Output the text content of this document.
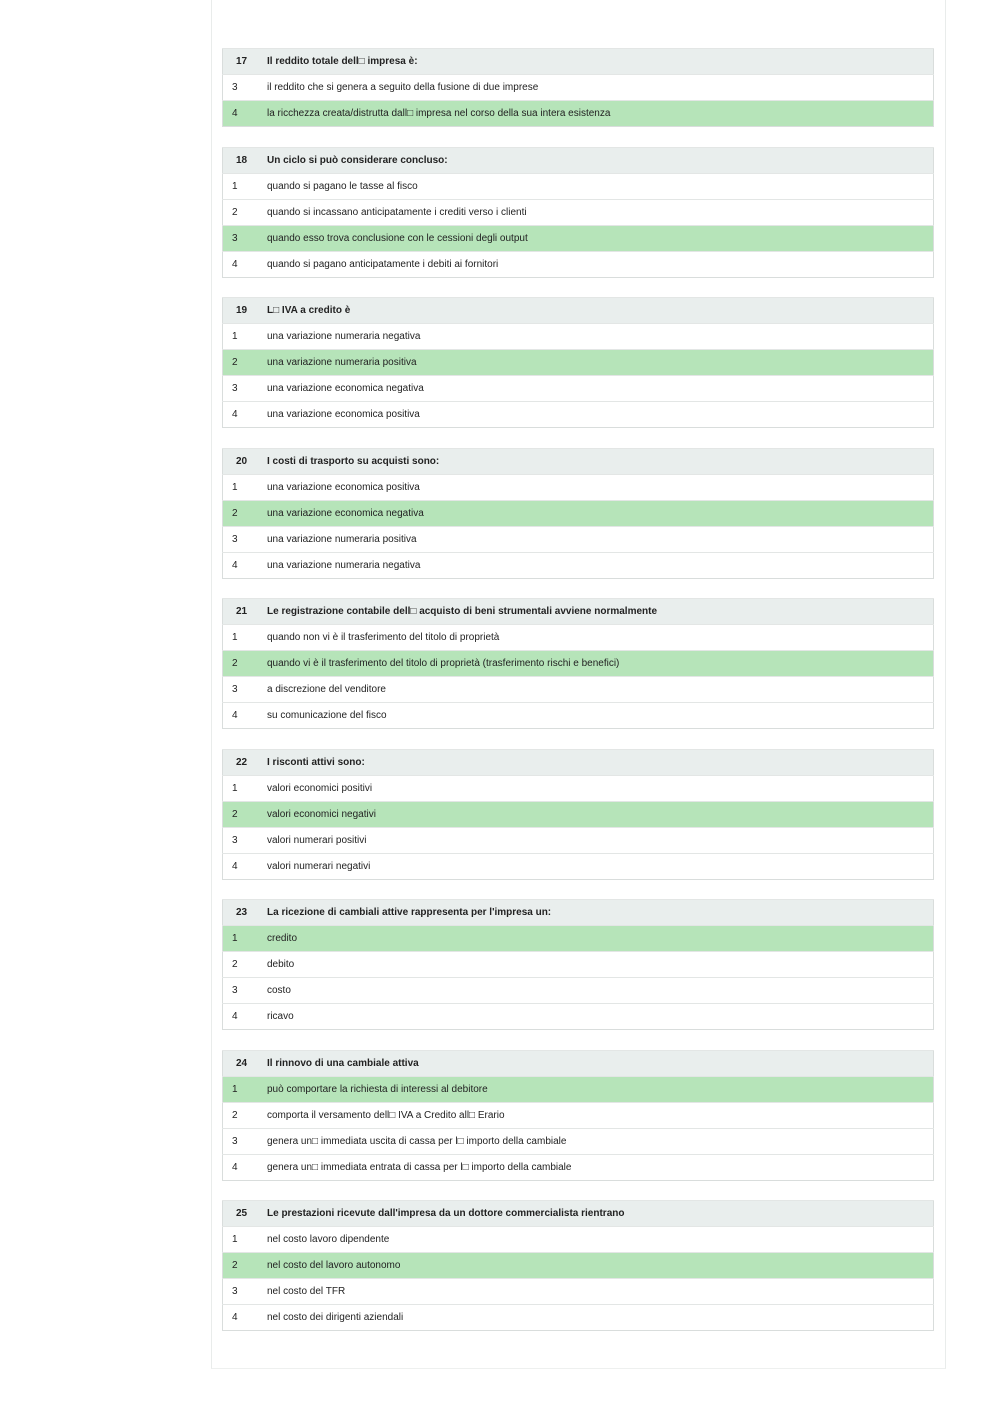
17	Il reddito totale dell□ impresa è:
3	il reddito che si genera a seguito della fusione di due imprese
4	la ricchezza creata/distrutta dall□ impresa nel corso della sua intera esistenza
18	Un ciclo si può considerare concluso:
1	quando si pagano le tasse al fisco
2	quando si incassano anticipatamente i crediti verso i clienti
3	quando esso trova conclusione con le cessioni degli output
4	quando si pagano anticipatamente i debiti ai fornitori
19	L□ IVA a credito è
1	una variazione numeraria negativa
2	una variazione numeraria positiva
3	una variazione economica negativa
4	una variazione economica positiva
20	I costi di trasporto su acquisti sono:
1	una variazione economica positiva
2	una variazione economica negativa
3	una variazione numeraria positiva
4	una variazione numeraria negativa
21	Le registrazione contabile dell□ acquisto di beni strumentali avviene normalmente
1	quando non vi è il trasferimento del titolo di proprietà
2	quando vi è il trasferimento del titolo di proprietà (trasferimento rischi e benefici)
3	a discrezione del venditore
4	su comunicazione del fisco
22	I risconti attivi sono:
1	valori economici positivi
2	valori economici negativi
3	valori numerari positivi
4	valori numerari negativi
23	La ricezione di cambiali attive rappresenta per l'impresa un:
1	credito
2	debito
3	costo
4	ricavo
24	Il rinnovo di una cambiale attiva
1	può comportare la richiesta di interessi al debitore
2	comporta il versamento dell□ IVA a Credito all□ Erario
3	genera un□ immediata uscita di cassa per l□ importo della cambiale
4	genera un□ immediata entrata di cassa per l□ importo della cambiale
25	Le prestazioni ricevute dall'impresa da un dottore commercialista rientrano
1	nel costo lavoro dipendente
2	nel costo del lavoro autonomo
3	nel costo del TFR
4	nel costo dei dirigenti aziendali
